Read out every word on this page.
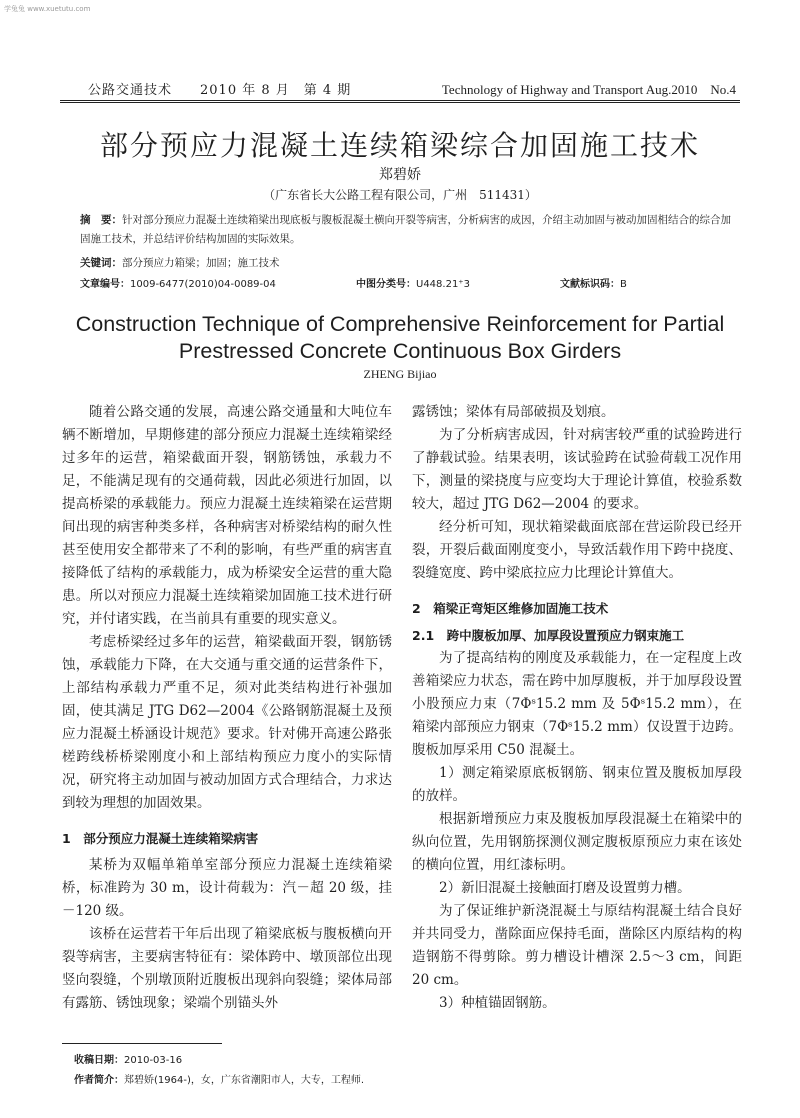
学兔兔 www.xuetutu.com
公路交通技术　　2010 年 8 月　第 4 期	Technology of Highway and Transport Aug.2010　No.4
部分预应力混凝土连续箱梁综合加固施工技术
郑碧娇
（广东省长大公路工程有限公司，广州　511431）
摘　要：针对部分预应力混凝土连续箱梁出现底板与腹板混凝土横向开裂等病害，分析病害的成因，介绍主动加固与被动加固相结合的综合加固施工技术，并总结评价结构加固的实际效果。
关键词：部分预应力箱梁；加固；施工技术
文章编号：1009-6477(2010)04-0089-04	中图分类号：U448.21⁺3	文献标识码：B
Construction Technique of Comprehensive Reinforcement for Partial
Prestressed Concrete Continuous Box Girders
ZHENG Bijiao

随着公路交通的发展，高速公路交通量和大吨位车辆不断增加，早期修建的部分预应力混凝土连续箱梁经过多年的运营，箱梁截面开裂，钢筋锈蚀，承载力不足，不能满足现有的交通荷载，因此必须进行加固，以提高桥梁的承载能力。预应力混凝土连续箱梁在运营期间出现的病害种类多样，各种病害对桥梁结构的耐久性甚至使用安全都带来了不利的影响，有些严重的病害直接降低了结构的承载能力，成为桥梁安全运营的重大隐患。所以对预应力混凝土连续箱梁加固施工技术进行研究，并付诸实践，在当前具有重要的现实意义。

考虑桥梁经过多年的运营，箱梁截面开裂，钢筋锈蚀，承载能力下降，在大交通与重交通的运营条件下，上部结构承载力严重不足，须对此类结构进行补强加固，使其满足 JTG D62—2004《公路钢筋混凝土及预应力混凝土桥涵设计规范》要求。针对佛开高速公路张槎跨线桥桥梁刚度小和上部结构预应力度小的实际情况，研究将主动加固与被动加固方式合理结合，力求达到较为理想的加固效果。

1　部分预应力混凝土连续箱梁病害

某桥为双幅单箱单室部分预应力混凝土连续箱梁桥，标准跨为 30 m，设计荷载为：汽－超 20 级，挂－120 级。

该桥在运营若干年后出现了箱梁底板与腹板横向开裂等病害，主要病害特征有：梁体跨中、墩顶部位出现竖向裂缝，个别墩顶附近腹板出现斜向裂缝；梁体局部有露筋、锈蚀现象；梁端个别锚头外

露锈蚀；梁体有局部破损及划痕。

为了分析病害成因，针对病害较严重的试验跨进行了静载试验。结果表明，该试验跨在试验荷载工况作用下，测量的梁挠度与应变均大于理论计算值，校验系数较大，超过 JTG D62—2004 的要求。

经分析可知，现状箱梁截面底部在营运阶段已经开裂，开裂后截面刚度变小，导致活载作用下跨中挠度、裂缝宽度、跨中梁底拉应力比理论计算值大。

2　箱梁正弯矩区维修加固施工技术

2.1　跨中腹板加厚、加厚段设置预应力钢束施工

为了提高结构的刚度及承载能力，在一定程度上改善箱梁应力状态，需在跨中加厚腹板，并于加厚段设置小股预应力束（7Φˢ15.2 mm 及 5Φˢ15.2 mm），在箱梁内部预应力钢束（7Φˢ15.2 mm）仅设置于边跨。腹板加厚采用 C50 混凝土。

1）测定箱梁原底板钢筋、钢束位置及腹板加厚段的放样。

根据新增预应力束及腹板加厚段混凝土在箱梁中的纵向位置，先用钢筋探测仪测定腹板原预应力束在该处的横向位置，用红漆标明。

2）新旧混凝土接触面打磨及设置剪力槽。

为了保证维护新浇混凝土与原结构混凝土结合良好并共同受力，凿除面应保持毛面，凿除区内原结构的构造钢筋不得剪除。剪力槽设计槽深 2.5～3 cm，间距 20 cm。

3）种植锚固钢筋。

收稿日期：2010-03-16
作者简介：郑碧娇(1964-)，女，广东省潮阳市人，大专，工程师.
